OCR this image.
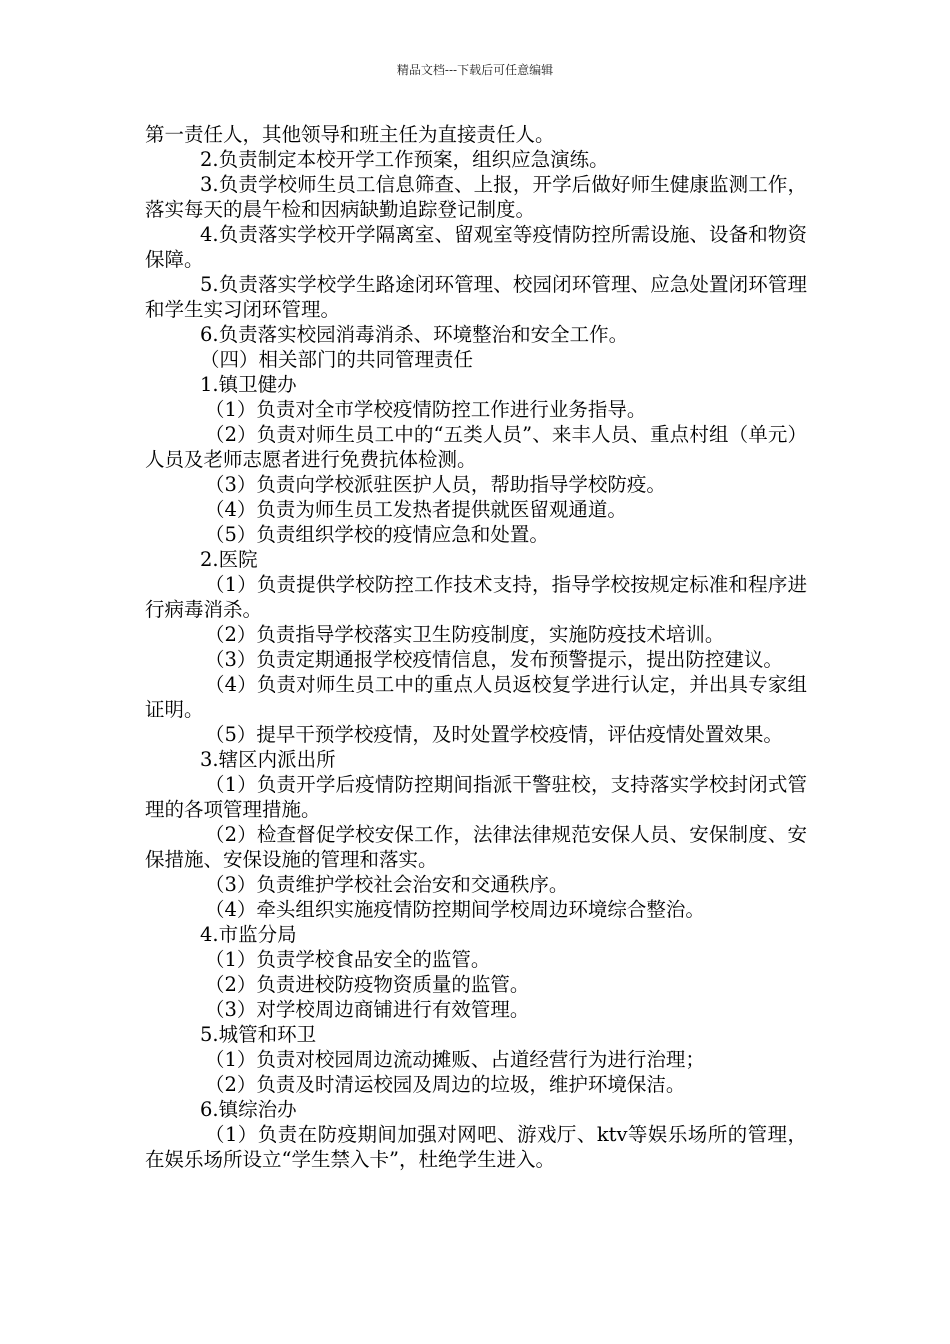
精品文档---下载后可任意编辑

第一责任人，其他领导和班主任为直接责任人。

2.负责制定本校开学工作预案，组织应急演练。

3.负责学校师生员工信息筛查、上报，开学后做好师生健康监测工作，落实每天的晨午检和因病缺勤追踪登记制度。

4.负责落实学校开学隔离室、留观室等疫情防控所需设施、设备和物资保障。

5.负责落实学校学生路途闭环管理、校园闭环管理、应急处置闭环管理和学生实习闭环管理。

6.负责落实校园消毒消杀、环境整治和安全工作。

（四）相关部门的共同管理责任

1.镇卫健办

（1）负责对全市学校疫情防控工作进行业务指导。

（2）负责对师生员工中的“五类人员”、来丰人员、重点村组（单元）人员及老师志愿者进行免费抗体检测。

（3）负责向学校派驻医护人员，帮助指导学校防疫。

（4）负责为师生员工发热者提供就医留观通道。

（5）负责组织学校的疫情应急和处置。

2.医院

（1）负责提供学校防控工作技术支持，指导学校按规定标准和程序进行病毒消杀。

（2）负责指导学校落实卫生防疫制度，实施防疫技术培训。

（3）负责定期通报学校疫情信息，发布预警提示，提出防控建议。

（4）负责对师生员工中的重点人员返校复学进行认定，并出具专家组证明。

（5）提早干预学校疫情，及时处置学校疫情，评估疫情处置效果。

3.辖区内派出所

（1）负责开学后疫情防控期间指派干警驻校，支持落实学校封闭式管理的各项管理措施。

（2）检查督促学校安保工作，法律法律规范安保人员、安保制度、安保措施、安保设施的管理和落实。

（3）负责维护学校社会治安和交通秩序。

（4）牵头组织实施疫情防控期间学校周边环境综合整治。

4.市监分局

（1）负责学校食品安全的监管。

（2）负责进校防疫物资质量的监管。

（3）对学校周边商铺进行有效管理。

5.城管和环卫

（1）负责对校园周边流动摊贩、占道经营行为进行治理；

（2）负责及时清运校园及周边的垃圾，维护环境保洁。

6.镇综治办

（1）负责在防疫期间加强对网吧、游戏厅、ktv等娱乐场所的管理，在娱乐场所设立“学生禁入卡”，杜绝学生进入。
